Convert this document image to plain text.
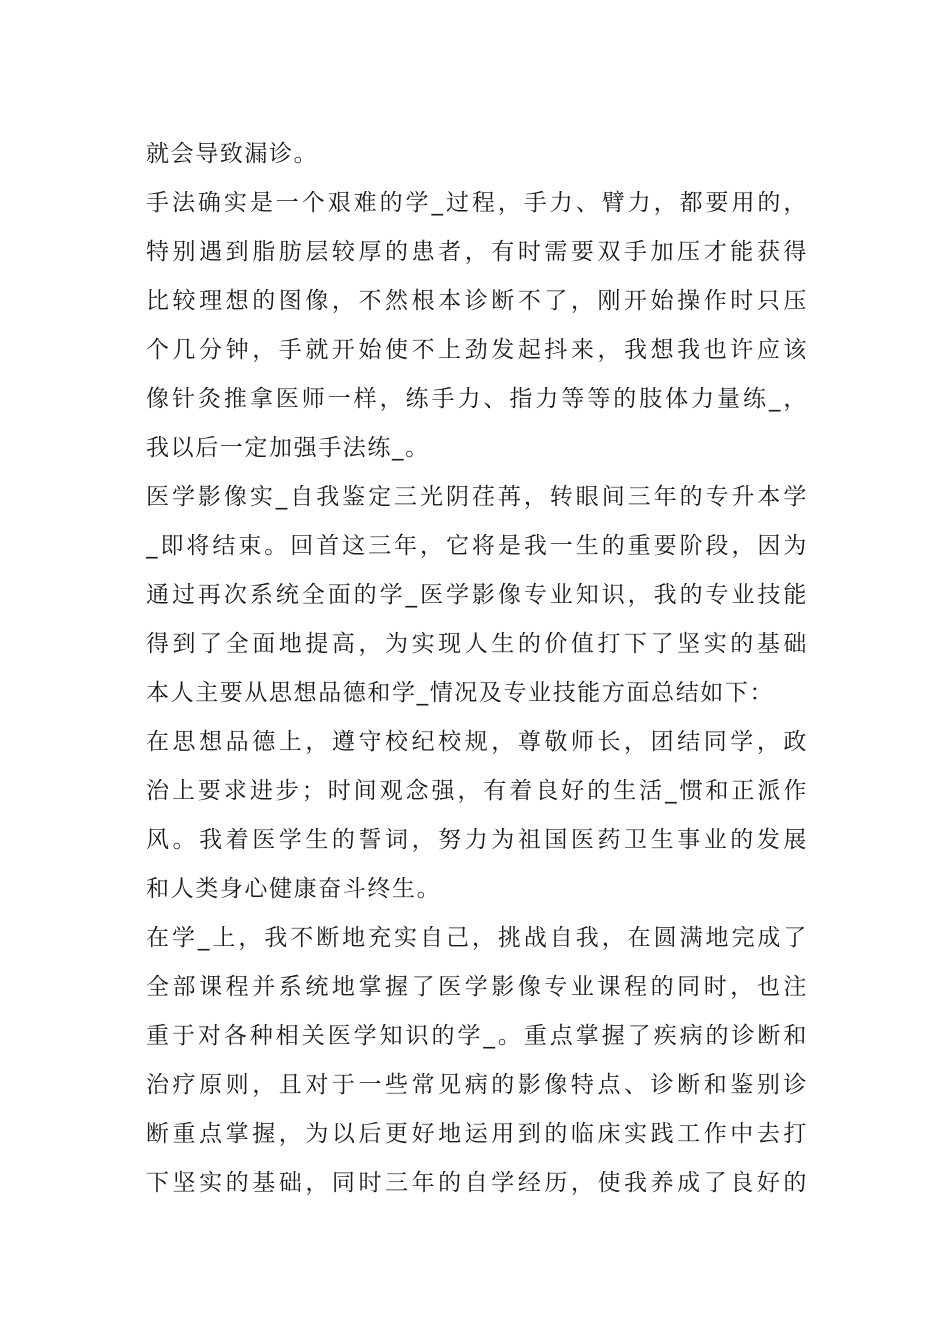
就会导致漏诊。
手法确实是一个艰难的学_过程，手力、臂力，都要用的，
特别遇到脂肪层较厚的患者，有时需要双手加压才能获得
比较理想的图像，不然根本诊断不了，刚开始操作时只压
个几分钟，手就开始使不上劲发起抖来，我想我也许应该
像针灸推拿医师一样，练手力、指力等等的肢体力量练_，
我以后一定加强手法练_。
医学影像实_自我鉴定三光阴荏苒，转眼间三年的专升本学
_即将结束。回首这三年，它将是我一生的重要阶段，因为
通过再次系统全面的学_医学影像专业知识，我的专业技能
得到了全面地提高，为实现人生的价值打下了坚实的基础
本人主要从思想品德和学_情况及专业技能方面总结如下：
在思想品德上，遵守校纪校规，尊敬师长，团结同学，政
治上要求进步；时间观念强，有着良好的生活_惯和正派作
风。我着医学生的誓词，努力为祖国医药卫生事业的发展
和人类身心健康奋斗终生。
在学_上，我不断地充实自己，挑战自我，在圆满地完成了
全部课程并系统地掌握了医学影像专业课程的同时，也注
重于对各种相关医学知识的学_。重点掌握了疾病的诊断和
治疗原则，且对于一些常见病的影像特点、诊断和鉴别诊
断重点掌握，为以后更好地运用到的临床实践工作中去打
下坚实的基础，同时三年的自学经历，使我养成了良好的
